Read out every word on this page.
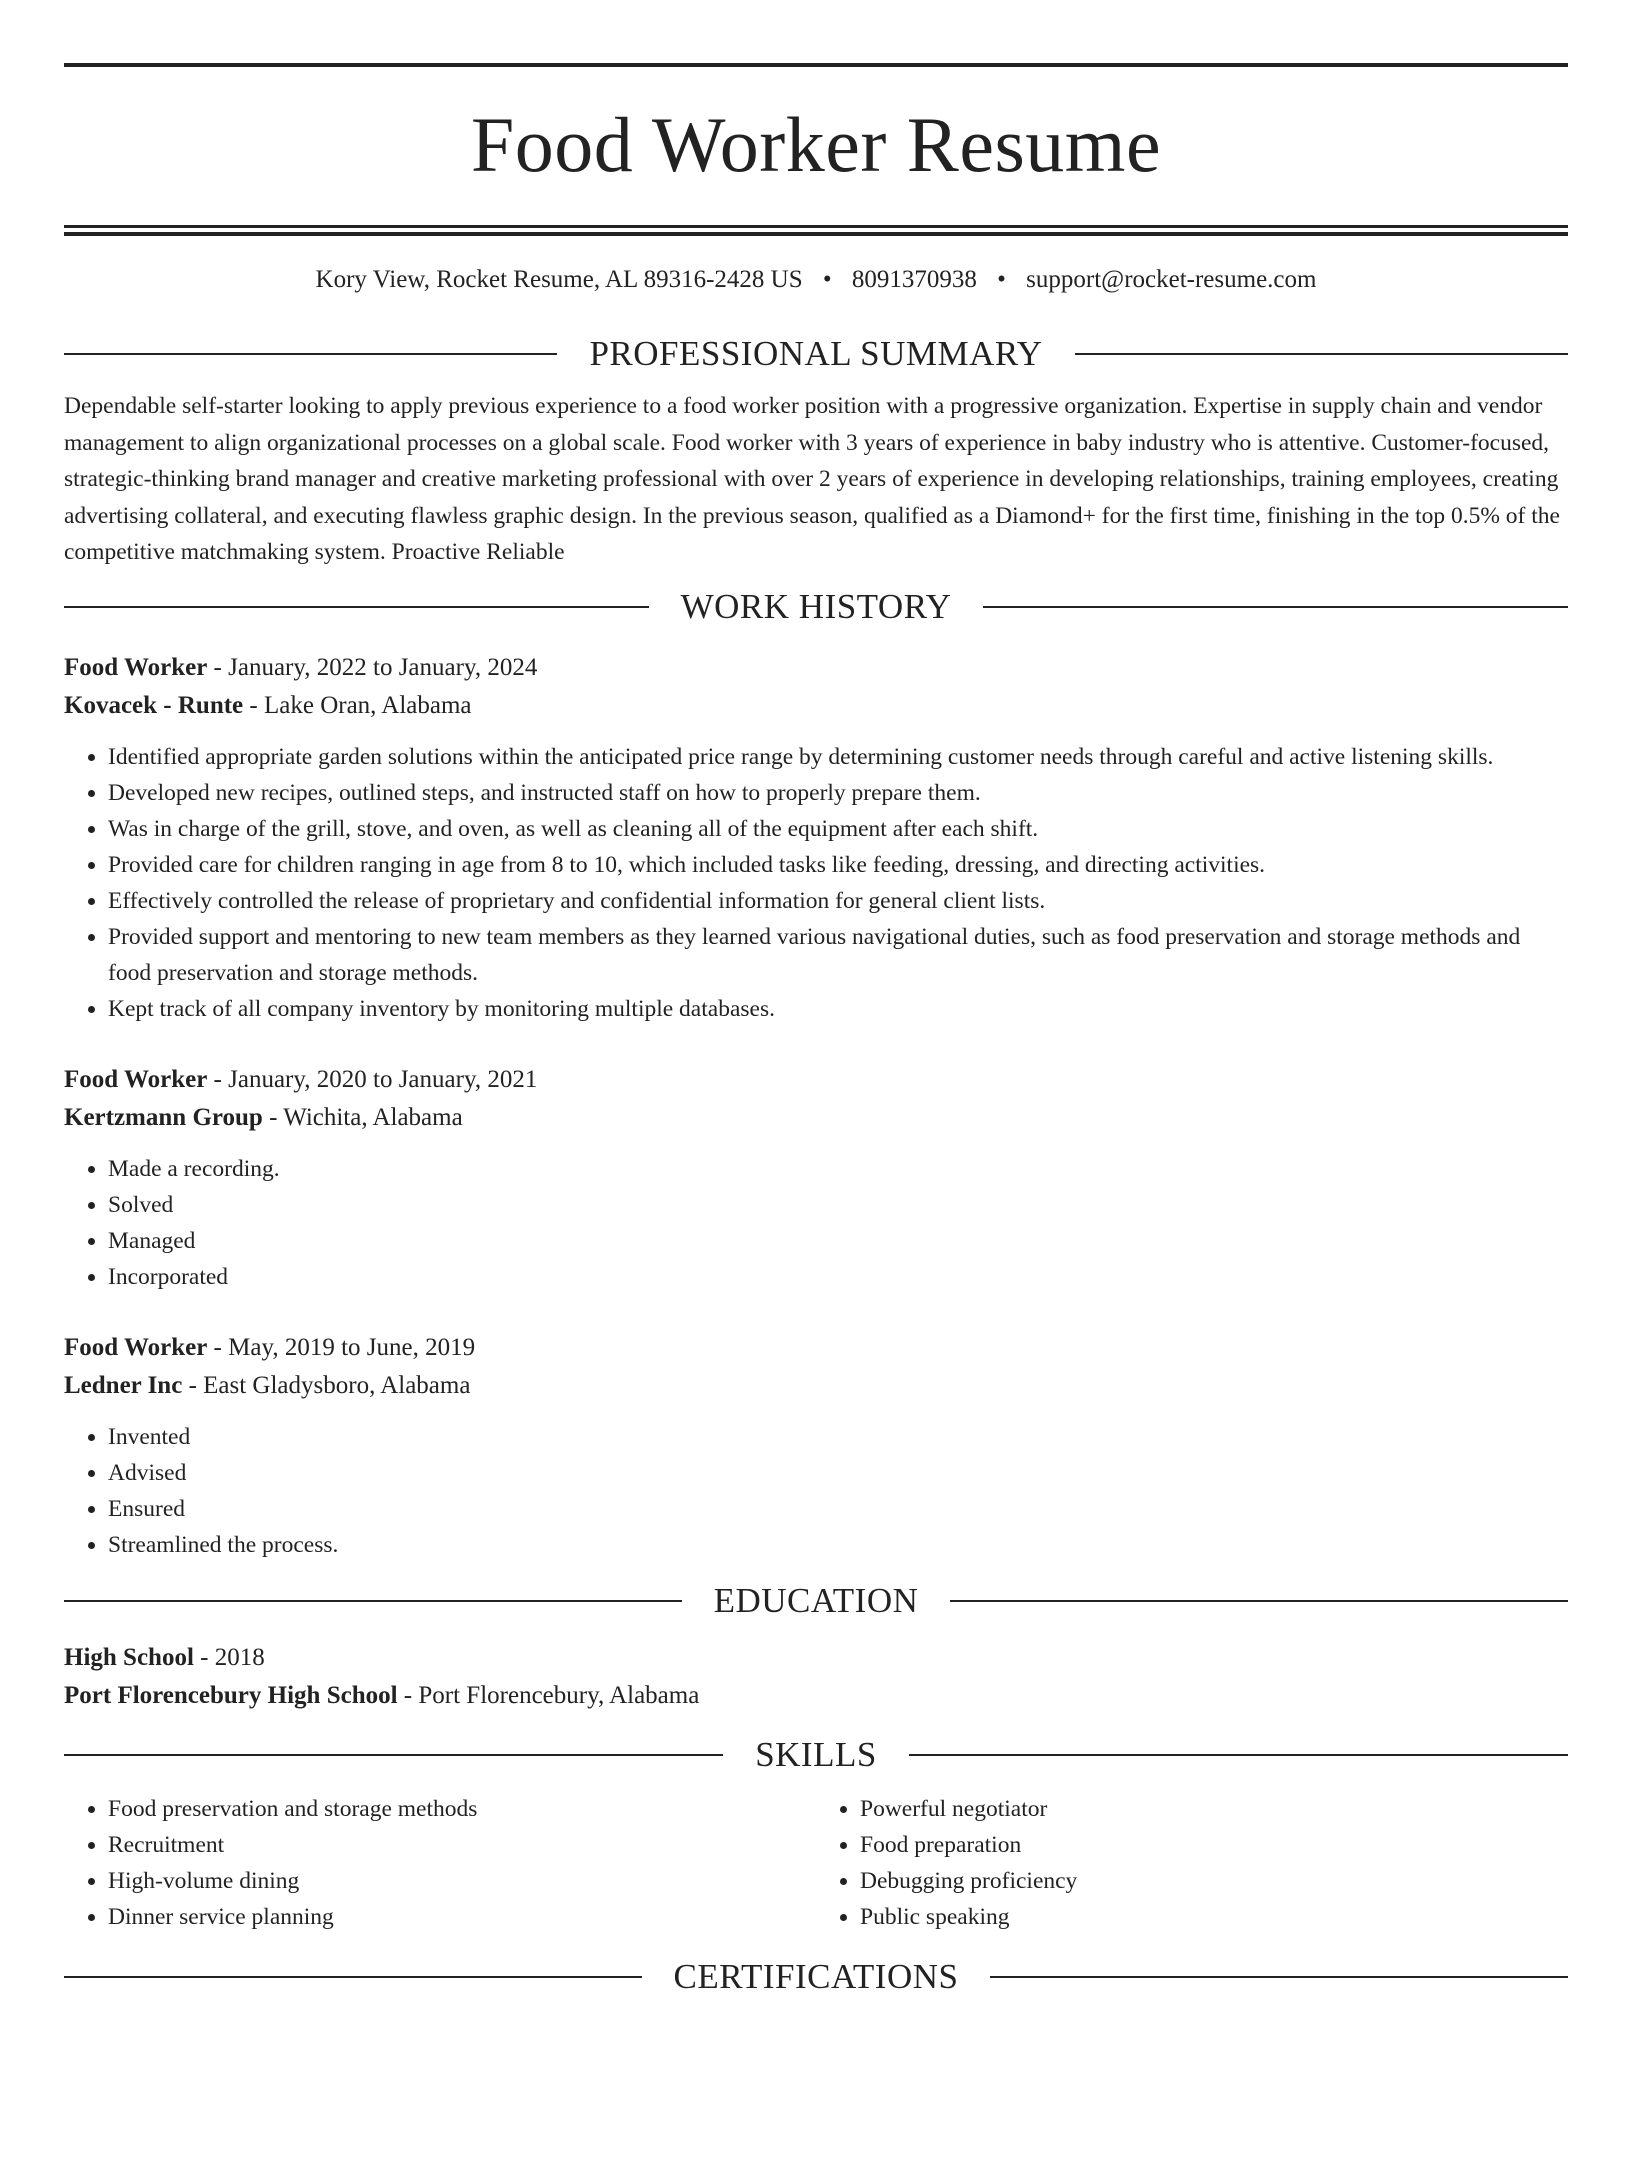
Food Worker Resume
Kory View, Rocket Resume, AL 89316-2428 US • 8091370938 • support@rocket-resume.com
PROFESSIONAL SUMMARY

Dependable self-starter looking to apply previous experience to a food worker position with a progressive organization. Expertise in supply chain and vendor management to align organizational processes on a global scale. Food worker with 3 years of experience in baby industry who is attentive. Customer-focused, strategic-thinking brand manager and creative marketing professional with over 2 years of experience in developing relationships, training employees, creating advertising collateral, and executing flawless graphic design. In the previous season, qualified as a Diamond+ for the first time, finishing in the top 0.5% of the competitive matchmaking system. Proactive Reliable

WORK HISTORY
Food Worker - January, 2022 to January, 2024
Kovacek - Runte - Lake Oran, Alabama
• Identified appropriate garden solutions within the anticipated price range by determining customer needs through careful and active listening skills.
• Developed new recipes, outlined steps, and instructed staff on how to properly prepare them.
• Was in charge of the grill, stove, and oven, as well as cleaning all of the equipment after each shift.
• Provided care for children ranging in age from 8 to 10, which included tasks like feeding, dressing, and directing activities.
• Effectively controlled the release of proprietary and confidential information for general client lists.
• Provided support and mentoring to new team members as they learned various navigational duties, such as food preservation and storage methods and food preservation and storage methods.
• Kept track of all company inventory by monitoring multiple databases.
Food Worker - January, 2020 to January, 2021
Kertzmann Group - Wichita, Alabama
• Made a recording.
• Solved
• Managed
• Incorporated
Food Worker - May, 2019 to June, 2019
Ledner Inc - East Gladysboro, Alabama
• Invented
• Advised
• Ensured
• Streamlined the process.
EDUCATION
High School - 2018
Port Florencebury High School - Port Florencebury, Alabama
SKILLS
• Food preservation and storage methods
• Recruitment
• High-volume dining
• Dinner service planning
• Powerful negotiator
• Food preparation
• Debugging proficiency
• Public speaking
CERTIFICATIONS
